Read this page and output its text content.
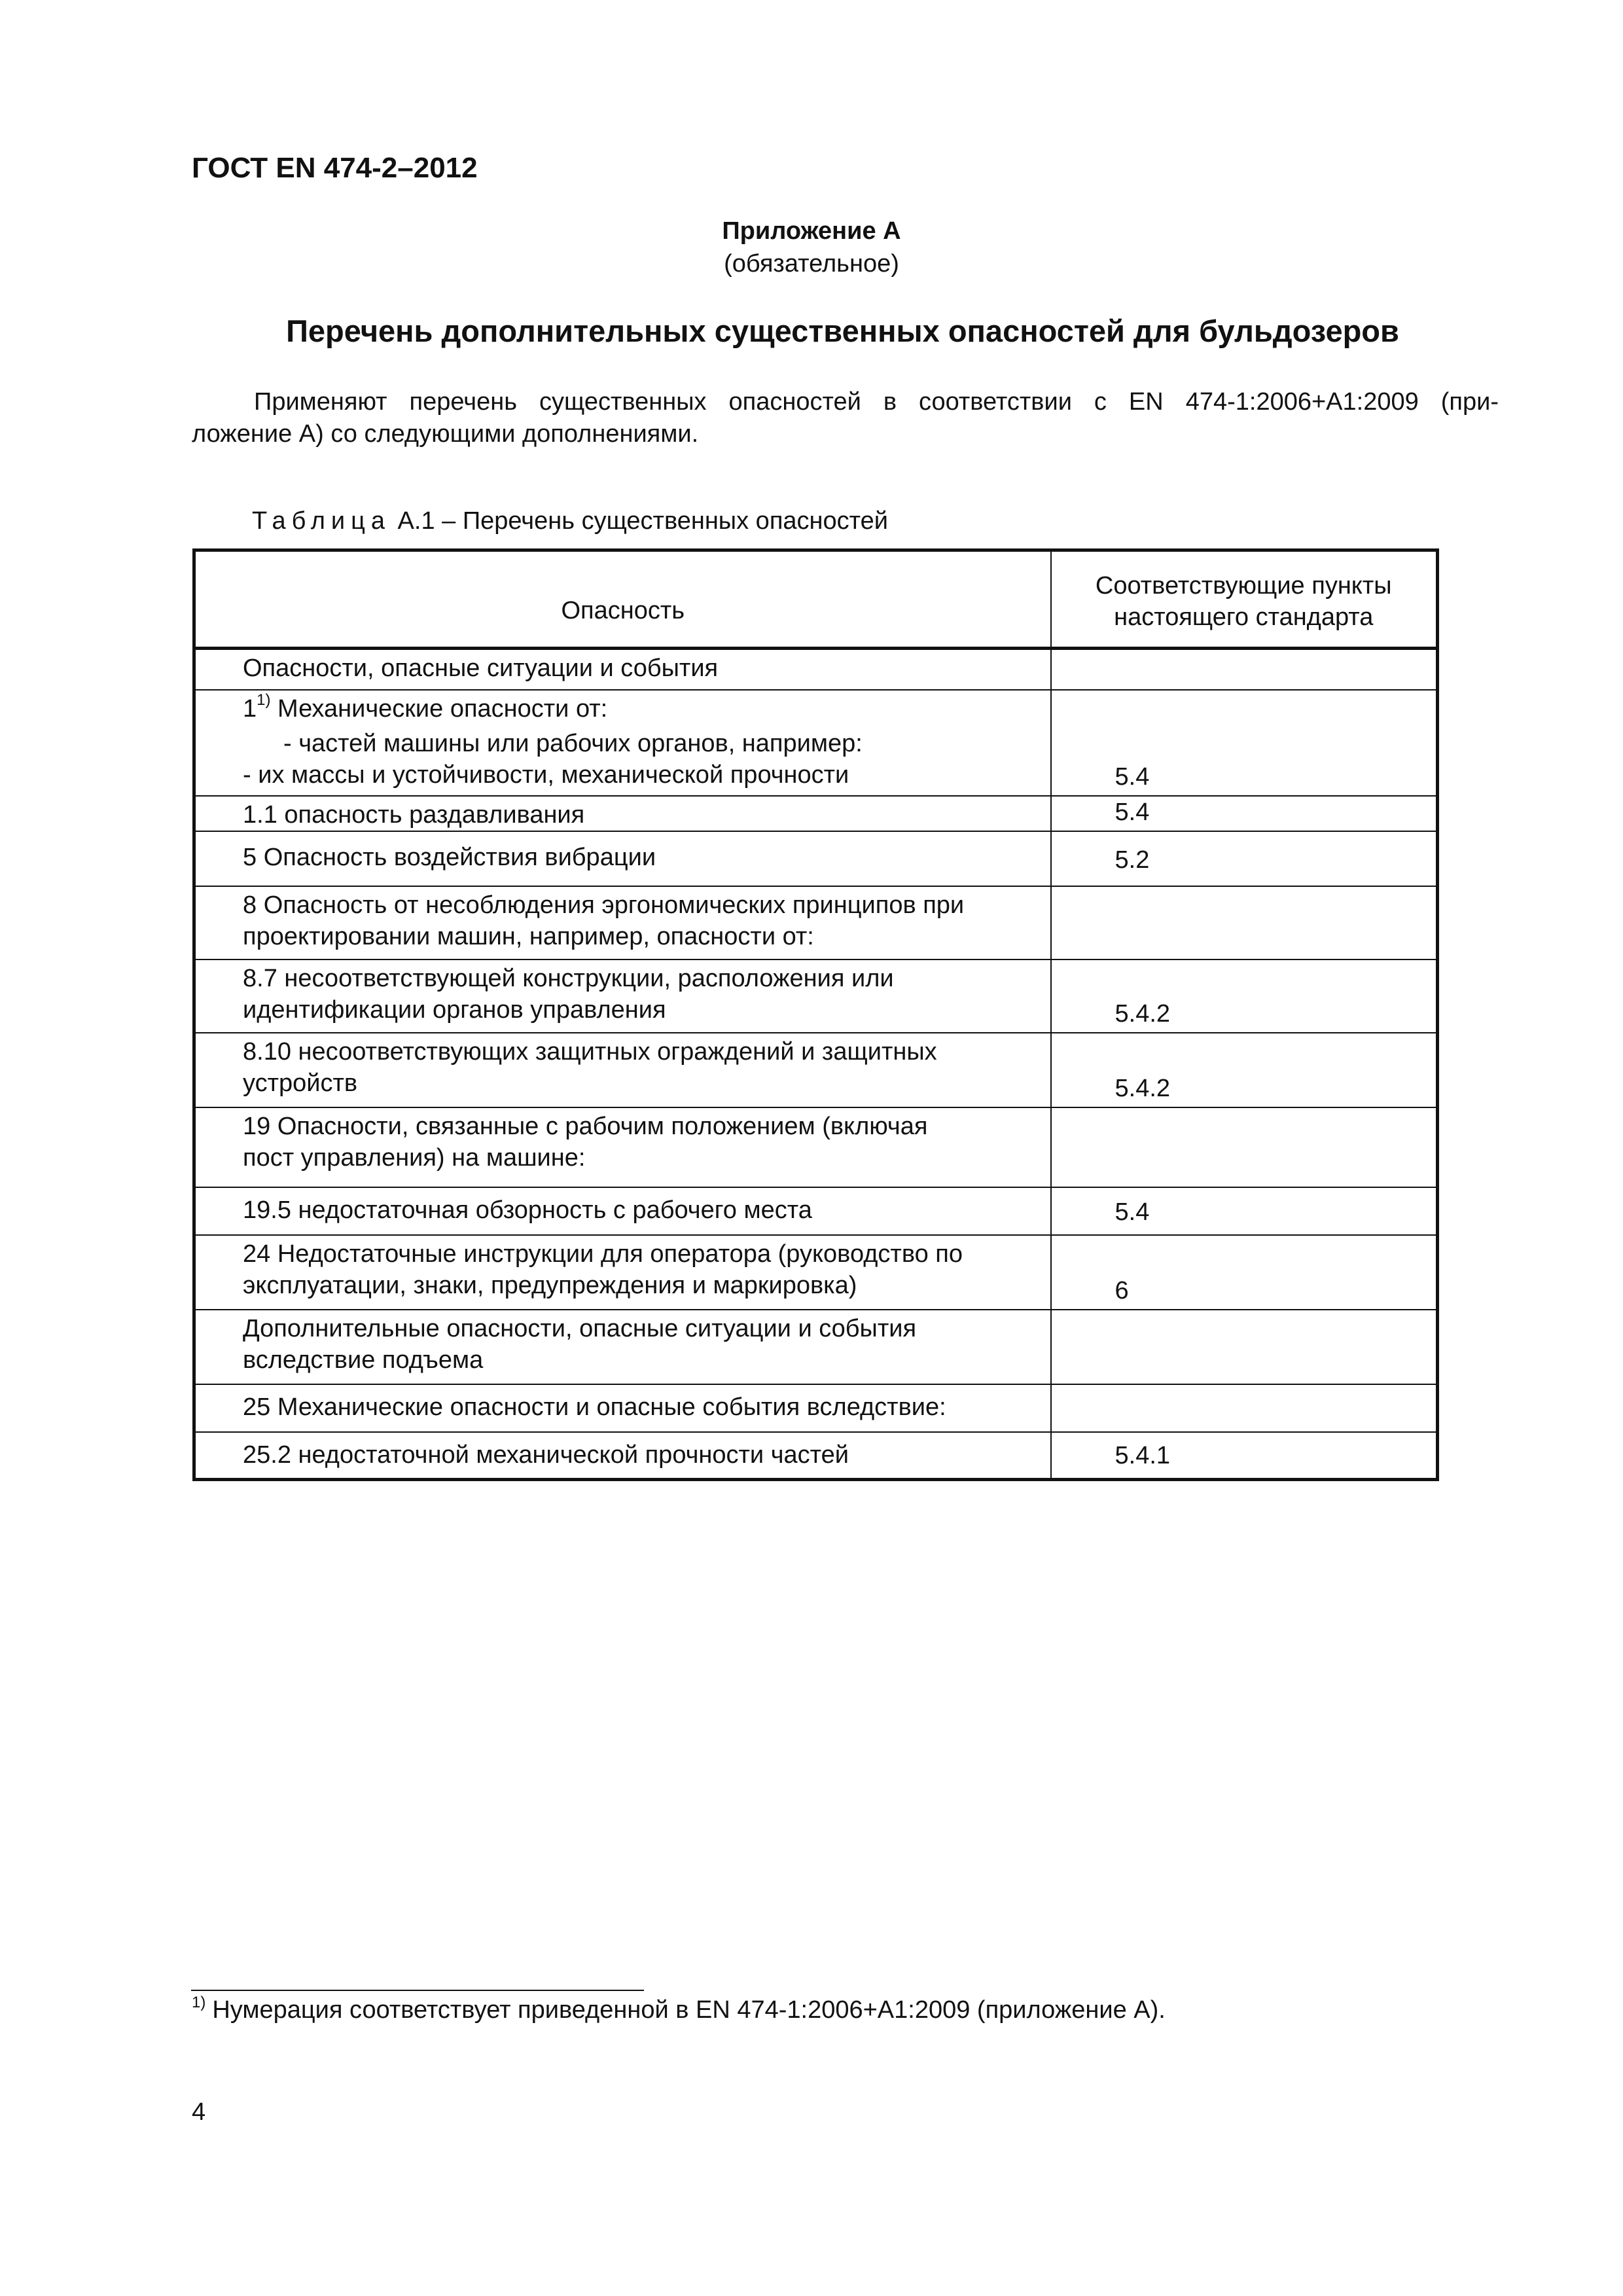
ГОСТ EN 474-2–2012
Приложение А
(обязательное)
Перечень дополнительных существенных опасностей для бульдозеров
Применяют перечень существенных опасностей в соответствии с EN 474-1:2006+A1:2009 (при-
ложение А) со следующими дополнениями.
Таблица А.1 – Перечень существенных опасностей
Опасность	Соответствующие пункты
настоящего стандарта
Опасности, опасные ситуации и события	
1$^{1)}$ Механические опасности от:

- частей машины или рабочих органов, например:
- их массы и устойчивости, механической прочности	5.4
1.1 опасность раздавливания	5.4
5 Опасность воздействия вибрации	5.2
8 Опасность от несоблюдения эргономических принципов при
проектировании машин, например, опасности от:	
8.7 несоответствующей конструкции, расположения или
идентификации органов управления	5.4.2
8.10 несоответствующих защитных ограждений и защитных
устройств	5.4.2
19 Опасности, связанные с рабочим положением (включая
пост управления) на машине:	
19.5 недостаточная обзорность с рабочего места	5.4
24 Недостаточные инструкции для оператора (руководство по
эксплуатации, знаки, предупреждения и маркировка)	6
Дополнительные опасности, опасные ситуации и события
вследствие подъема	
25 Механические опасности и опасные события вследствие:	
25.2 недостаточной механической прочности частей	5.4.1
$^{1)}$ Нумерация соответствует приведенной в EN 474-1:2006+A1:2009 (приложение А).
4
